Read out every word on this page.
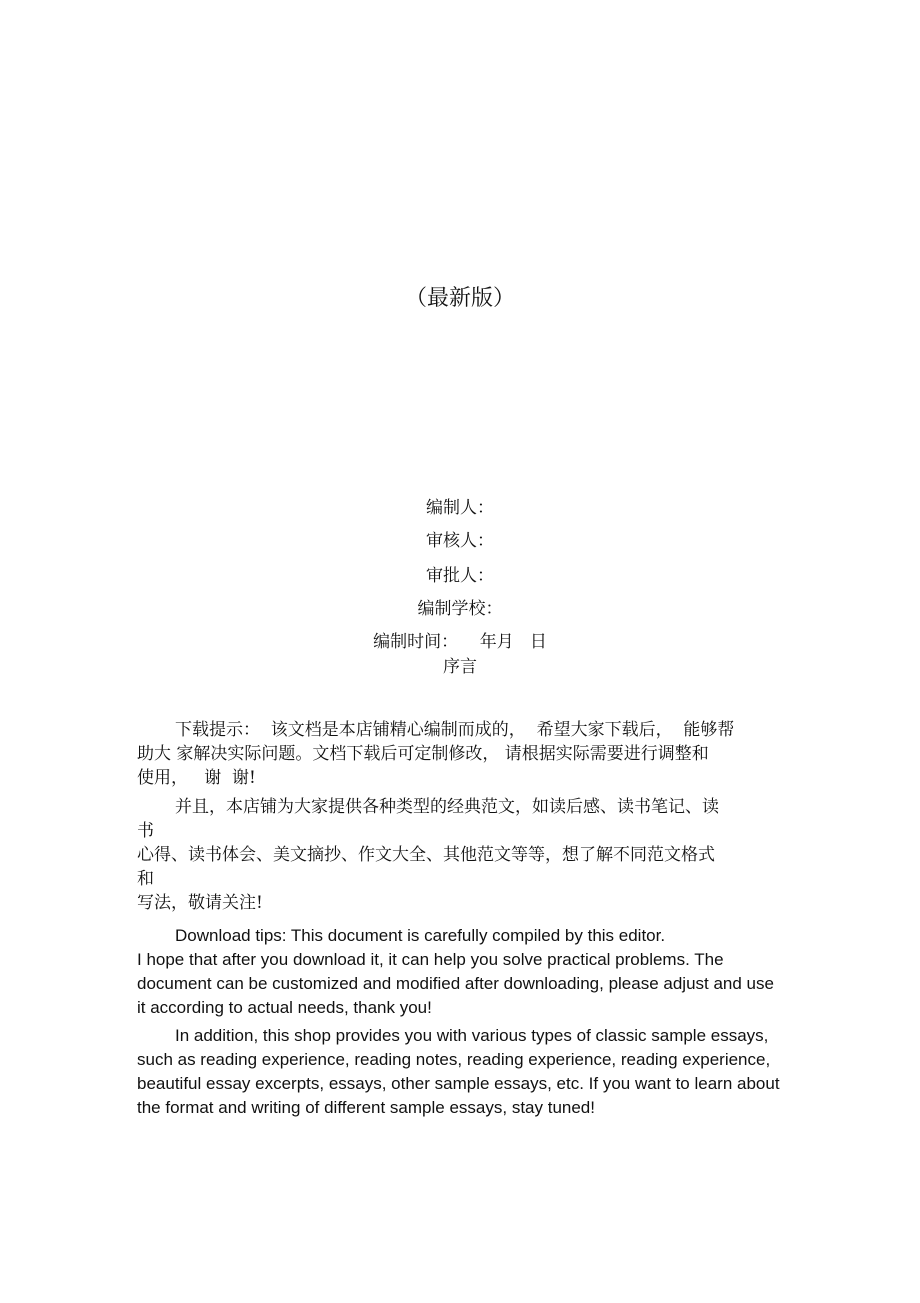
（最新版）
编制人：
审核人：
审批人：
编制学校：
编制时间：    年月   日
序言
下载提示：  该文档是本店铺精心编制而成的，  希望大家下载后，  能够帮
助大 家解决实际问题。文档下载后可定制修改， 请根据实际需要进行调整和
使用，   谢  谢!
并且，本店铺为大家提供各种类型的经典范文，如读后感、读书笔记、读
书
心得、读书体会、美文摘抄、作文大全、其他范文等等，想了解不同范文格式
和
写法，敬请关注!
Download tips: This document is carefully compiled by this editor.
I hope that after you download it, it can help you solve practical problems. The
document can be customized and modified after downloading, please adjust and use
it according to actual needs, thank you!
In addition, this shop provides you with various types of classic sample essays,
such as reading experience, reading notes, reading experience, reading experience,
beautiful essay excerpts, essays, other sample essays, etc. If you want to learn about
the format and writing of different sample essays, stay tuned!
